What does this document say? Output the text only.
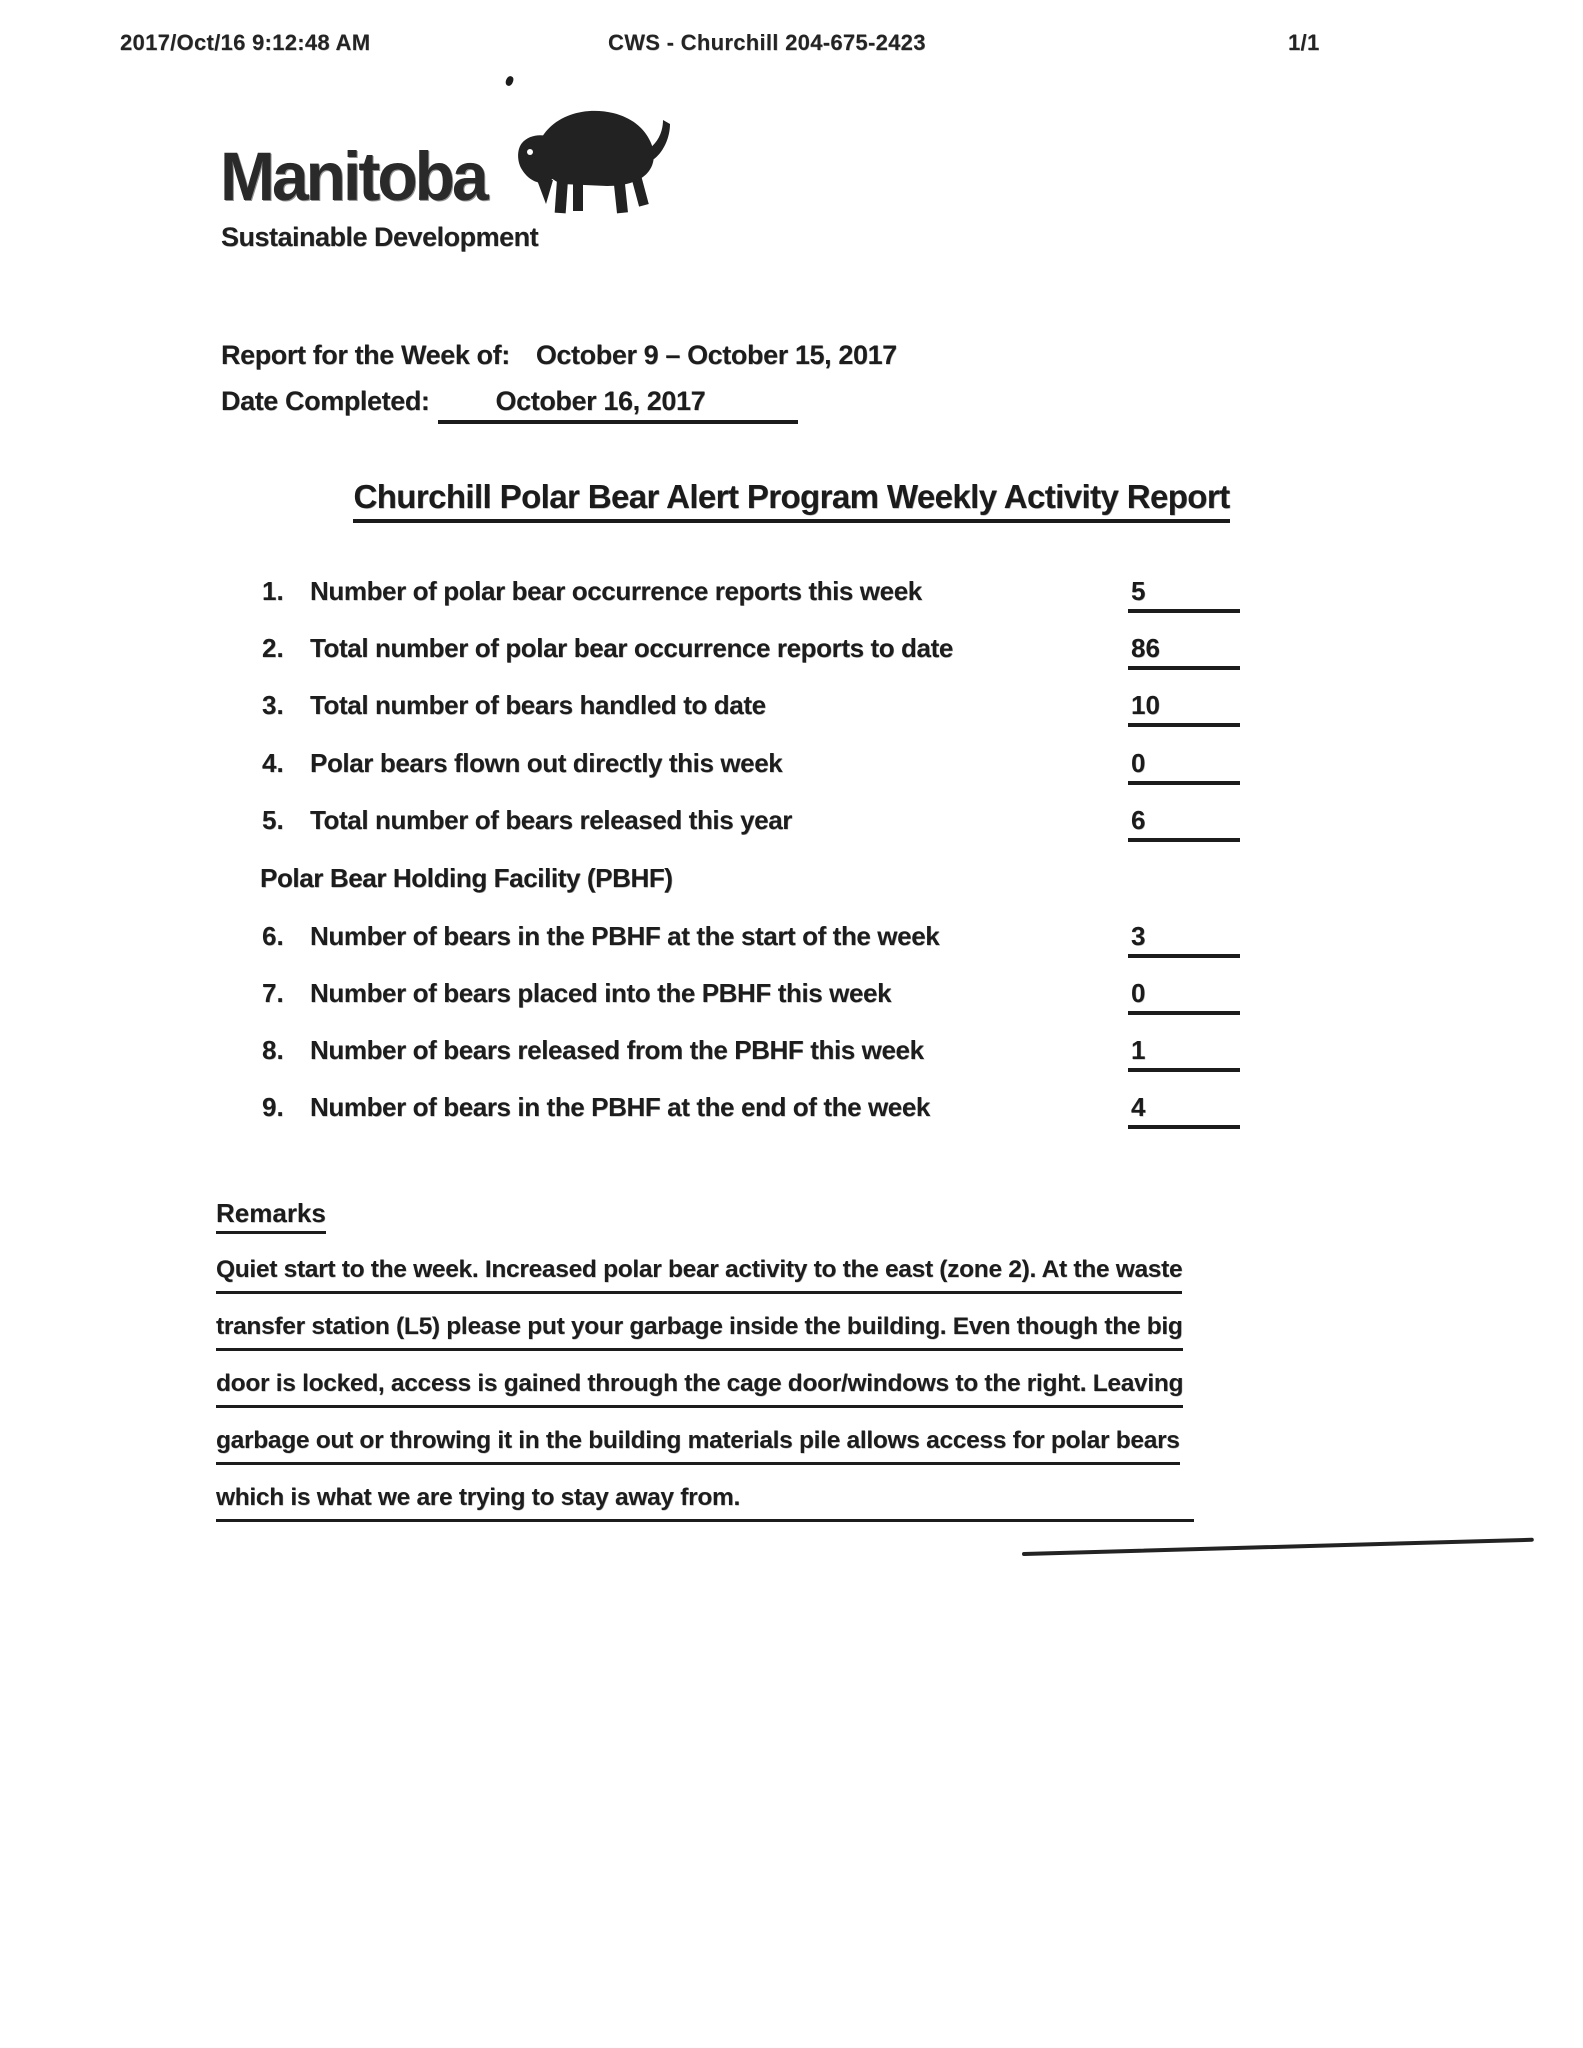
2017/Oct/16 9:12:48 AM	CWS - Churchill 204-675-2423	1/1
Manitoba
Sustainable Development
Report for the Week of: October 9 – October 15, 2017
Date Completed: October 16, 2017
Churchill Polar Bear Alert Program Weekly Activity Report
1. Number of polar bear occurrence reports this week	5
2. Total number of polar bear occurrence reports to date	86
3. Total number of bears handled to date	10
4. Polar bears flown out directly this week	0
5. Total number of bears released this year	6
Polar Bear Holding Facility (PBHF)
6. Number of bears in the PBHF at the start of the week	3
7. Number of bears placed into the PBHF this week	0
8. Number of bears released from the PBHF this week	1
9. Number of bears in the PBHF at the end of the week	4
Remarks
Quiet start to the week. Increased polar bear activity to the east (zone 2). At the waste
transfer station (L5) please put your garbage inside the building. Even though the big
door is locked, access is gained through the cage door/windows to the right. Leaving
garbage out or throwing it in the building materials pile allows access for polar bears
which is what we are trying to stay away from.
